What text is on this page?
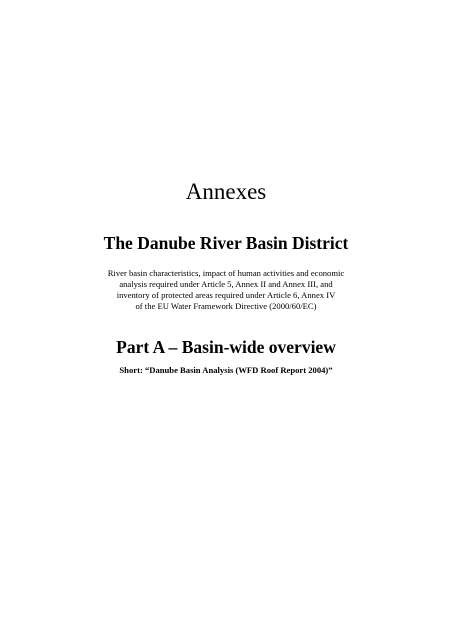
Annexes
The Danube River Basin District
River basin characteristics, impact of human activities and economic
analysis required under Article 5, Annex II and Annex III, and
inventory of protected areas required under Article 6, Annex IV
of the EU Water Framework Directive (2000/60/EC)
Part A – Basin-wide overview
Short: “Danube Basin Analysis (WFD Roof Report 2004)”
